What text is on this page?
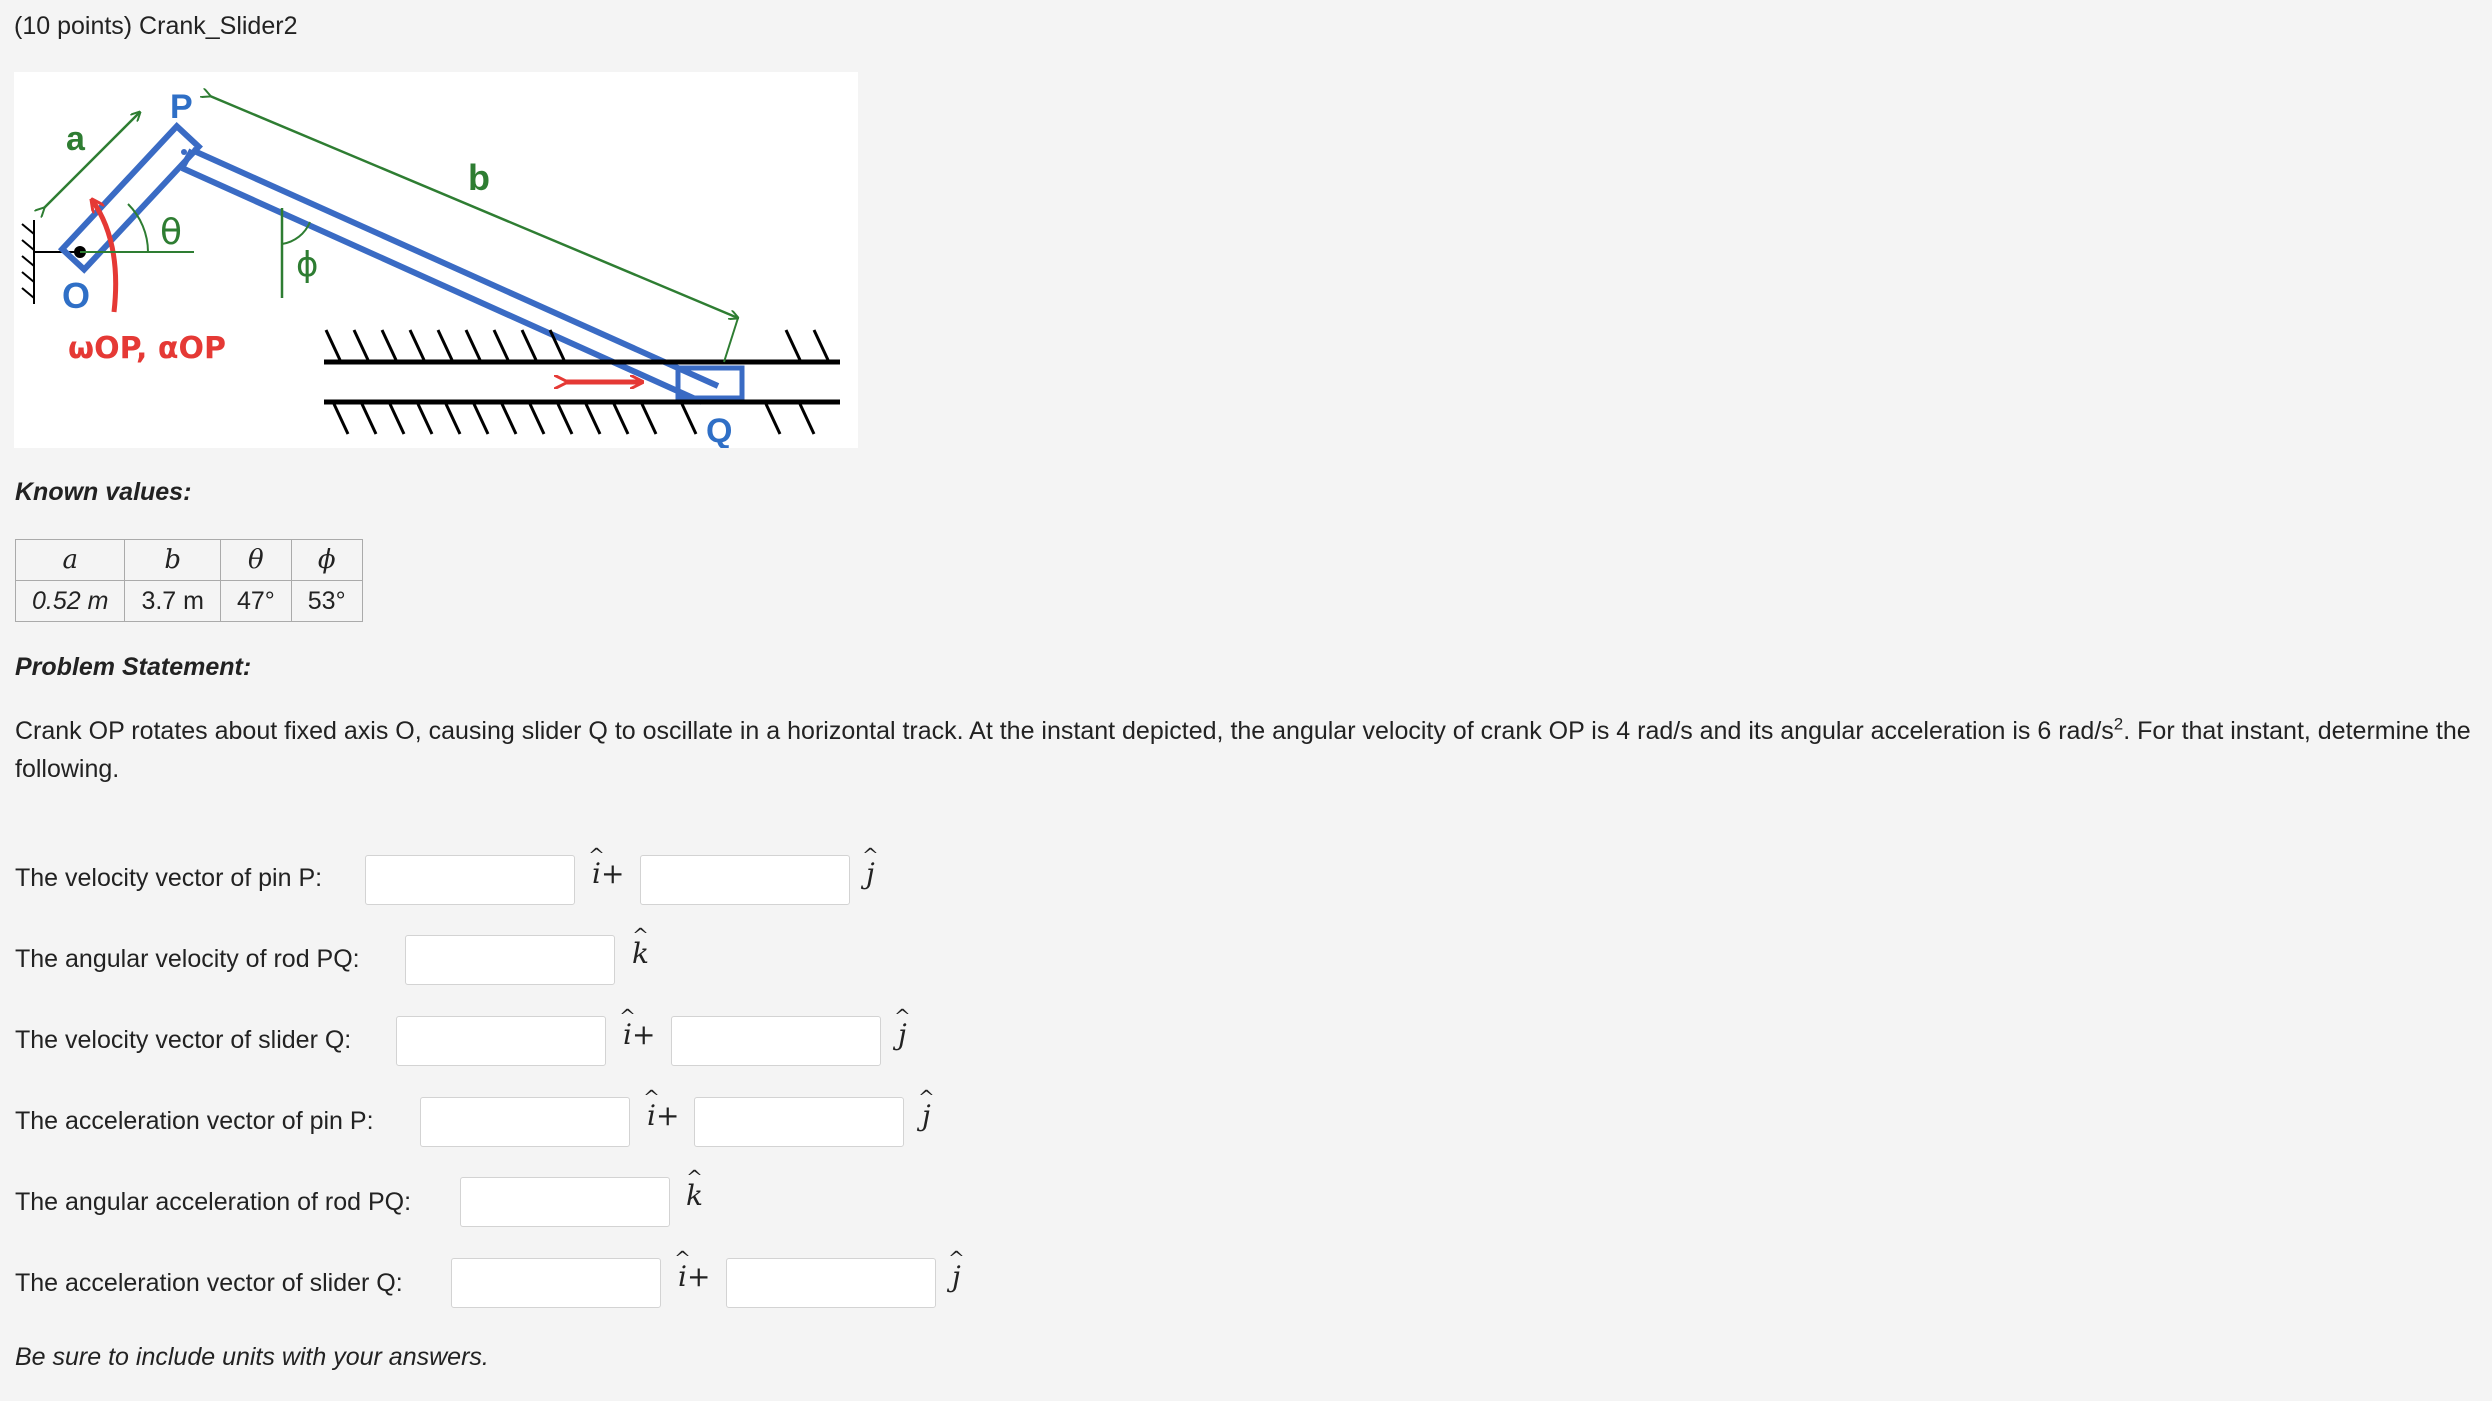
(10 points) Crank_Slider2
a
P
b
θ
ϕ
O
Q
ωOP, αOP
Known values:
a	b	θ	ϕ
0.52 m	3.7 m	47°	53°
Problem Statement:
Crank OP rotates about fixed axis O, causing slider Q to oscillate in a horizontal track. At the instant depicted, the angular velocity of crank OP is 4 rad/s and its angular acceleration is 6 rad/$s^2$. For that instant, determine the following.
The velocity vector of pin P:	^ i+	^ j
The angular velocity of rod PQ:	^ k
The velocity vector of slider Q:	^ i+	^ j
The acceleration vector of pin P:	^ i+	^ j
The angular acceleration of rod PQ:	^ k
The acceleration vector of slider Q:	^ i+	^ j
Be sure to include units with your answers.
